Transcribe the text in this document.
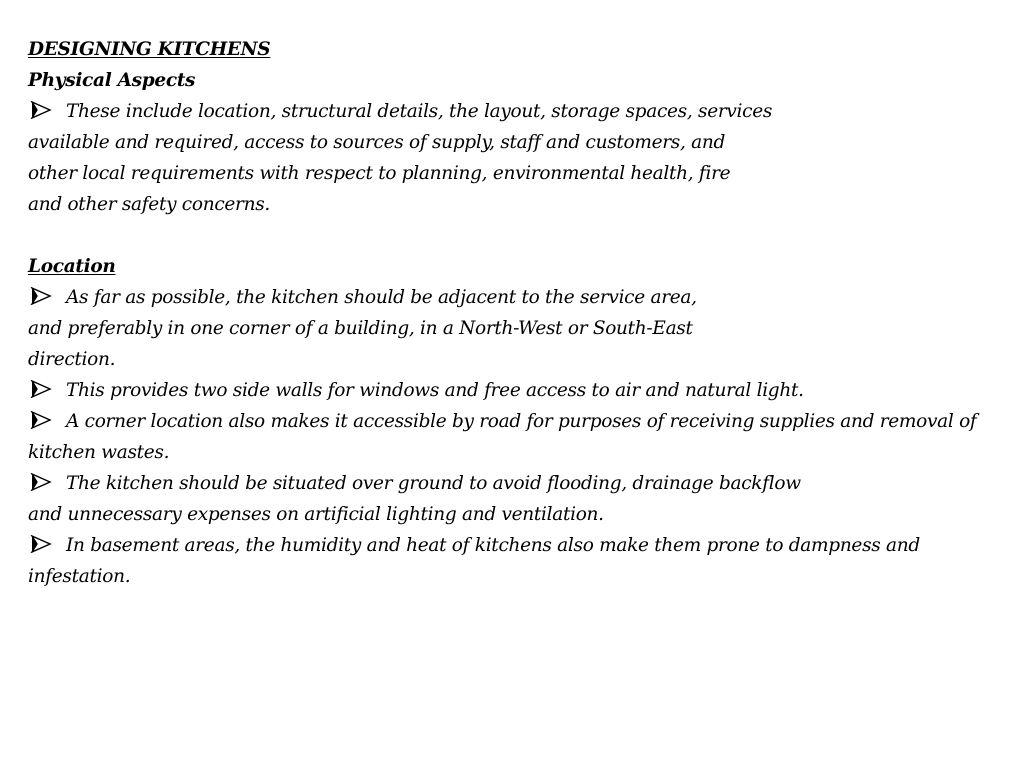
DESIGNING KITCHENS
Physical Aspects
These include location, structural details, the layout, storage spaces, services
available and required, access to sources of supply, staff and customers, and
other local requirements with respect to planning, environmental health, fire
and other safety concerns.
Location
As far as possible, the kitchen should be adjacent to the service area,
and preferably in one corner of a building, in a North-West or South-East
direction.
This provides two side walls for windows and free access to air and natural light.
A corner location also makes it accessible by road for purposes of receiving supplies and removal of
kitchen wastes.
The kitchen should be situated over ground to avoid flooding, drainage backflow
and unnecessary expenses on artificial lighting and ventilation.
In basement areas, the humidity and heat of kitchens also make them prone to dampness and
infestation.
